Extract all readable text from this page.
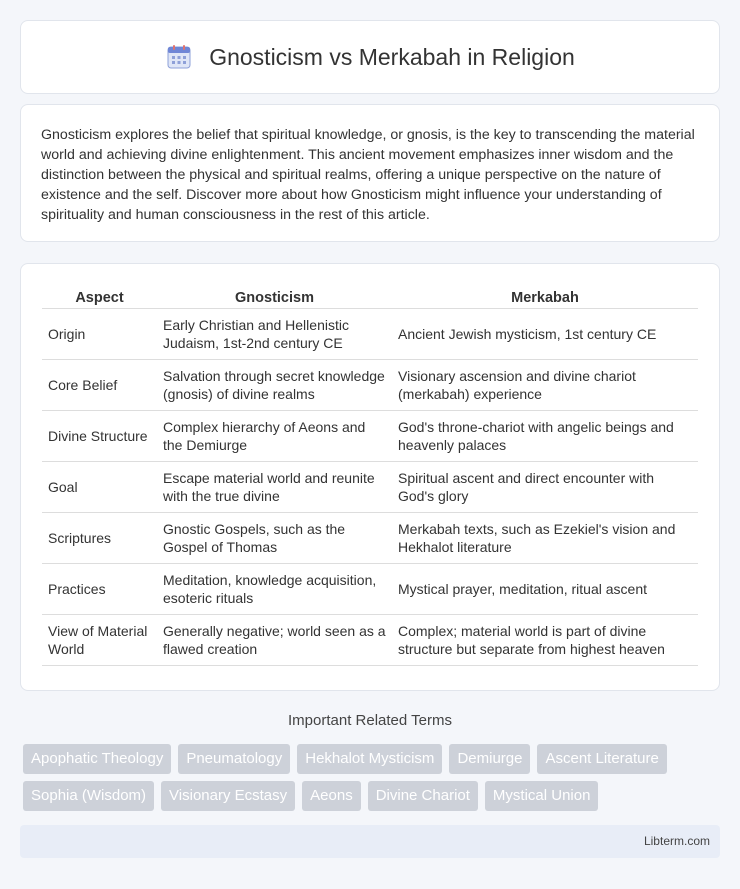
Gnosticism vs Merkabah in Religion

Gnosticism explores the belief that spiritual knowledge, or gnosis, is the key to transcending the material world and achieving divine enlightenment. This ancient movement emphasizes inner wisdom and the distinction between the physical and spiritual realms, offering a unique perspective on the nature of existence and the self. Discover more about how Gnosticism might influence your understanding of spirituality and human consciousness in the rest of this article.

Aspect	Gnosticism	Merkabah
Origin	Early Christian and Hellenistic Judaism, 1st-2nd century CE	Ancient Jewish mysticism, 1st century CE
Core Belief	Salvation through secret knowledge (gnosis) of divine realms	Visionary ascension and divine chariot (merkabah) experience
Divine Structure	Complex hierarchy of Aeons and the Demiurge	God's throne-chariot with angelic beings and heavenly palaces
Goal	Escape material world and reunite with the true divine	Spiritual ascent and direct encounter with God's glory
Scriptures	Gnostic Gospels, such as the Gospel of Thomas	Merkabah texts, such as Ezekiel's vision and Hekhalot literature
Practices	Meditation, knowledge acquisition, esoteric rituals	Mystical prayer, meditation, ritual ascent
View of Material World	Generally negative; world seen as a flawed creation	Complex; material world is part of divine structure but separate from highest heaven
Important Related Terms
Apophatic Theology	Pneumatology	Hekhalot Mysticism	Demiurge	Ascent Literature
Sophia (Wisdom)	Visionary Ecstasy	Aeons	Divine Chariot	Mystical Union
Libterm.com
